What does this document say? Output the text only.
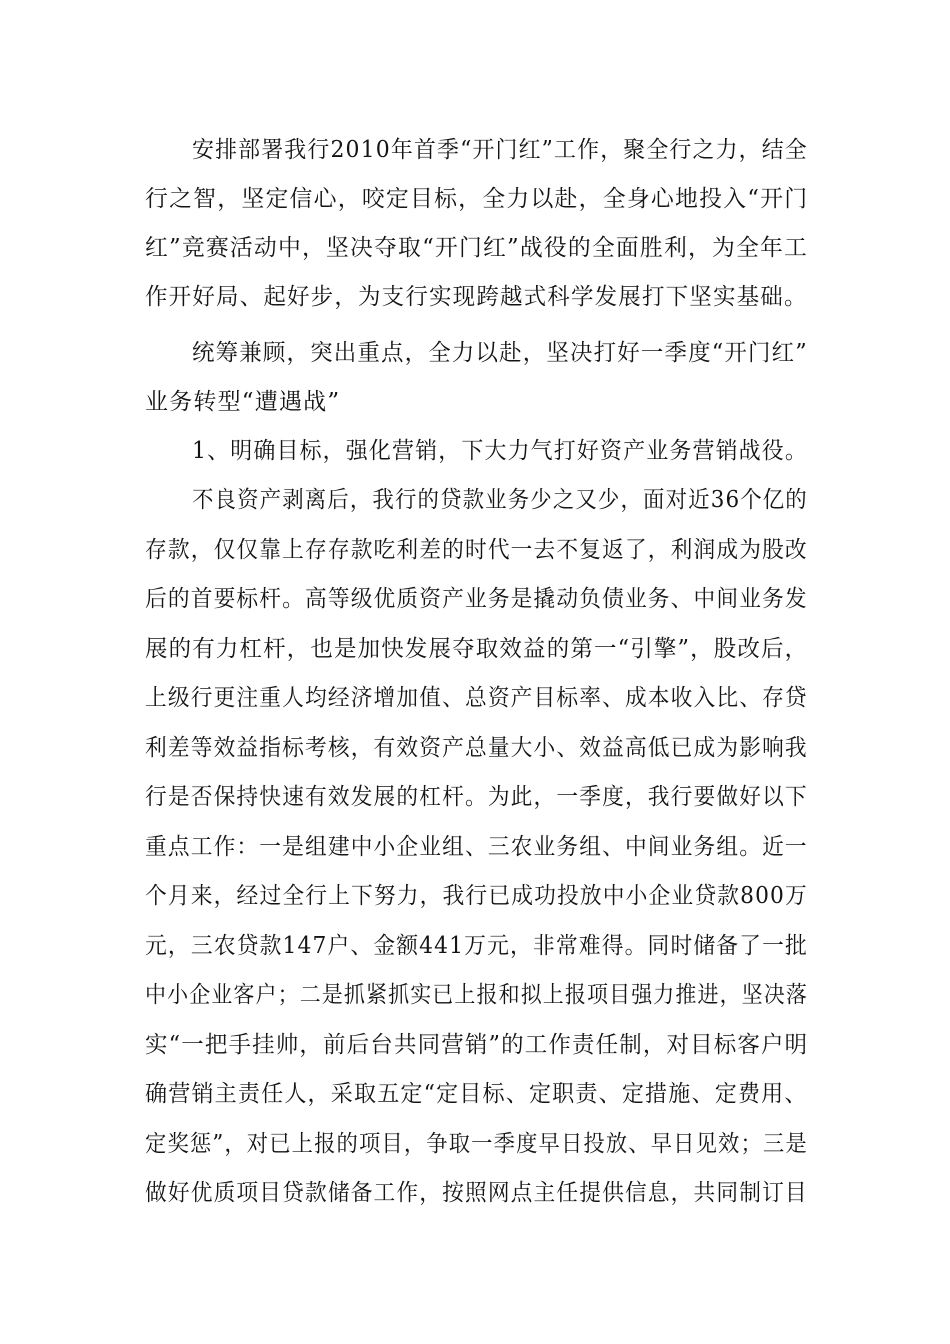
安排部署我行2010年首季“开门红”工作，聚全行之力，结全
行之智，坚定信心，咬定目标，全力以赴，全身心地投入“开门
红”竞赛活动中，坚决夺取“开门红”战役的全面胜利，为全年工
作开好局、起好步，为支行实现跨越式科学发展打下坚实基础。
统筹兼顾，突出重点，全力以赴，坚决打好一季度“开门红”
业务转型“遭遇战”
1、明确目标，强化营销，下大力气打好资产业务营销战役。
不良资产剥离后，我行的贷款业务少之又少，面对近36个亿的
存款，仅仅靠上存存款吃利差的时代一去不复返了，利润成为股改
后的首要标杆。高等级优质资产业务是撬动负债业务、中间业务发
展的有力杠杆，也是加快发展夺取效益的第一“引擎”，股改后，
上级行更注重人均经济增加值、总资产目标率、成本收入比、存贷
利差等效益指标考核，有效资产总量大小、效益高低已成为影响我
行是否保持快速有效发展的杠杆。为此，一季度，我行要做好以下
重点工作：一是组建中小企业组、三农业务组、中间业务组。近一
个月来，经过全行上下努力，我行已成功投放中小企业贷款800万
元，三农贷款147户、金额441万元，非常难得。同时储备了一批
中小企业客户；二是抓紧抓实已上报和拟上报项目强力推进，坚决落
实“一把手挂帅，前后台共同营销”的工作责任制，对目标客户明
确营销主责任人，采取五定“定目标、定职责、定措施、定费用、
定奖惩”，对已上报的项目，争取一季度早日投放、早日见效；三是
做好优质项目贷款储备工作，按照网点主任提供信息，共同制订目
